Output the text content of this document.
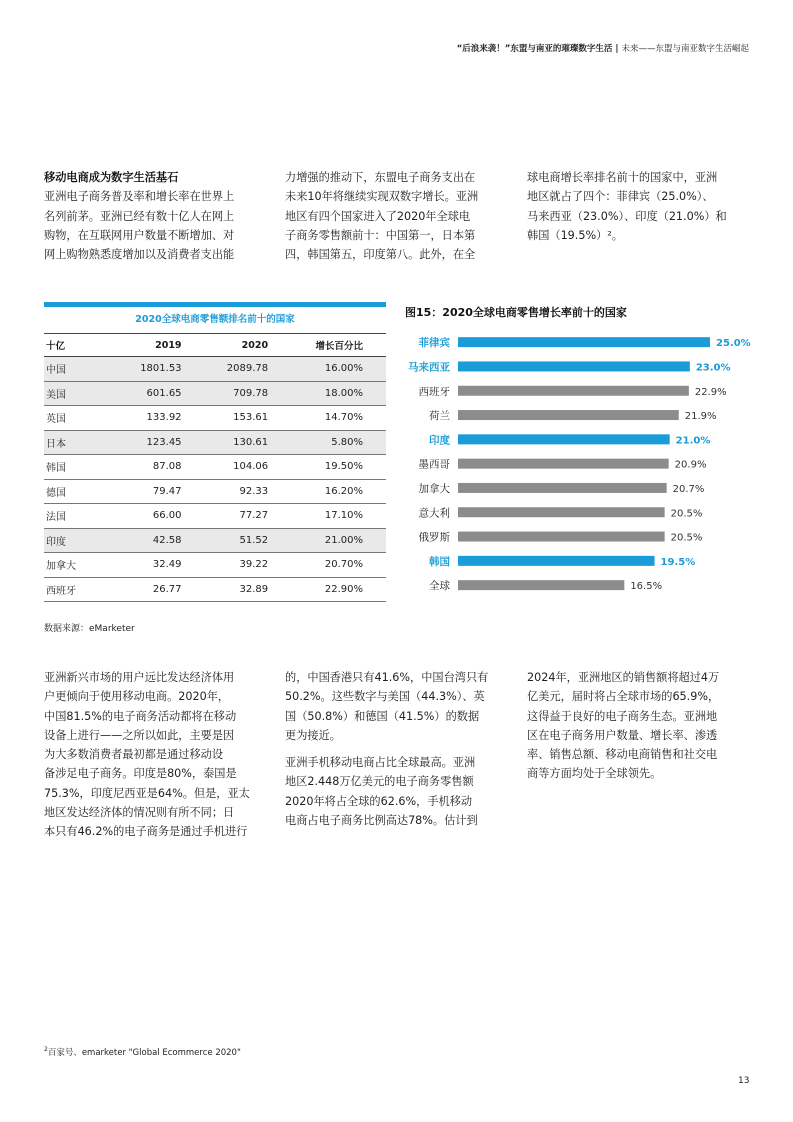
“后浪来袭！”东盟与南亚的璀璨数字生活 | 未来——东盟与南亚数字生活崛起

移动电商成为数字生活基石

亚洲电子商务普及率和增长率在世界上

名列前茅。亚洲已经有数十亿人在网上

购物，在互联网用户数量不断增加、对

网上购物熟悉度增加以及消费者支出能

力增强的推动下，东盟电子商务支出在

未来10年将继续实现双数字增长。亚洲

地区有四个国家进入了2020年全球电

子商务零售额前十：中国第一，日本第

四，韩国第五，印度第八。此外，在全

球电商增长率排名前十的国家中，亚洲

地区就占了四个：菲律宾（25.0%）、

马来西亚（23.0%）、印度（21.0%）和

韩国（19.5%）²。

2020全球电商零售额排名前十的国家
十亿	2019	2020	增长百分比
中国	1801.53	2089.78	16.00%
美国	601.65	709.78	18.00%
英国	133.92	153.61	14.70%
日本	123.45	130.61	5.80%
韩国	87.08	104.06	19.50%
德国	79.47	92.33	16.20%
法国	66.00	77.27	17.10%
印度	42.58	51.52	21.00%
加拿大	32.49	39.22	20.70%
西班牙	26.77	32.89	22.90%
图15：2020全球电商零售增长率前十的国家
菲律宾	25.0%
马来西亚	23.0%
西班牙	22.9%
荷兰	21.9%
印度	21.0%
墨西哥	20.9%
加拿大	20.7%
意大利	20.5%
俄罗斯	20.5%
韩国	19.5%
全球	16.5%
数据来源：eMarketer

亚洲新兴市场的用户远比发达经济体用

户更倾向于使用移动电商。2020年，

中国81.5%的电子商务活动都将在移动

设备上进行——之所以如此，主要是因

为大多数消费者最初都是通过移动设

备涉足电子商务。印度是80%，泰国是

75.3%，印度尼西亚是64%。但是，亚太

地区发达经济体的情况则有所不同；日

本只有46.2%的电子商务是通过手机进行

的，中国香港只有41.6%，中国台湾只有

50.2%。这些数字与美国（44.3%）、英

国（50.8%）和德国（41.5%）的数据

更为接近。

亚洲手机移动电商占比全球最高。亚洲

地区2.448万亿美元的电子商务零售额

2020年将占全球的62.6%，手机移动

电商占电子商务比例高达78%。估计到

2024年，亚洲地区的销售额将超过4万

亿美元，届时将占全球市场的65.9%，

这得益于良好的电子商务生态。亚洲地

区在电子商务用户数量、增长率、渗透

率、销售总额、移动电商销售和社交电

商等方面均处于全球领先。

$^2$百家号、emarketer "Global Ecommerce 2020"
13
